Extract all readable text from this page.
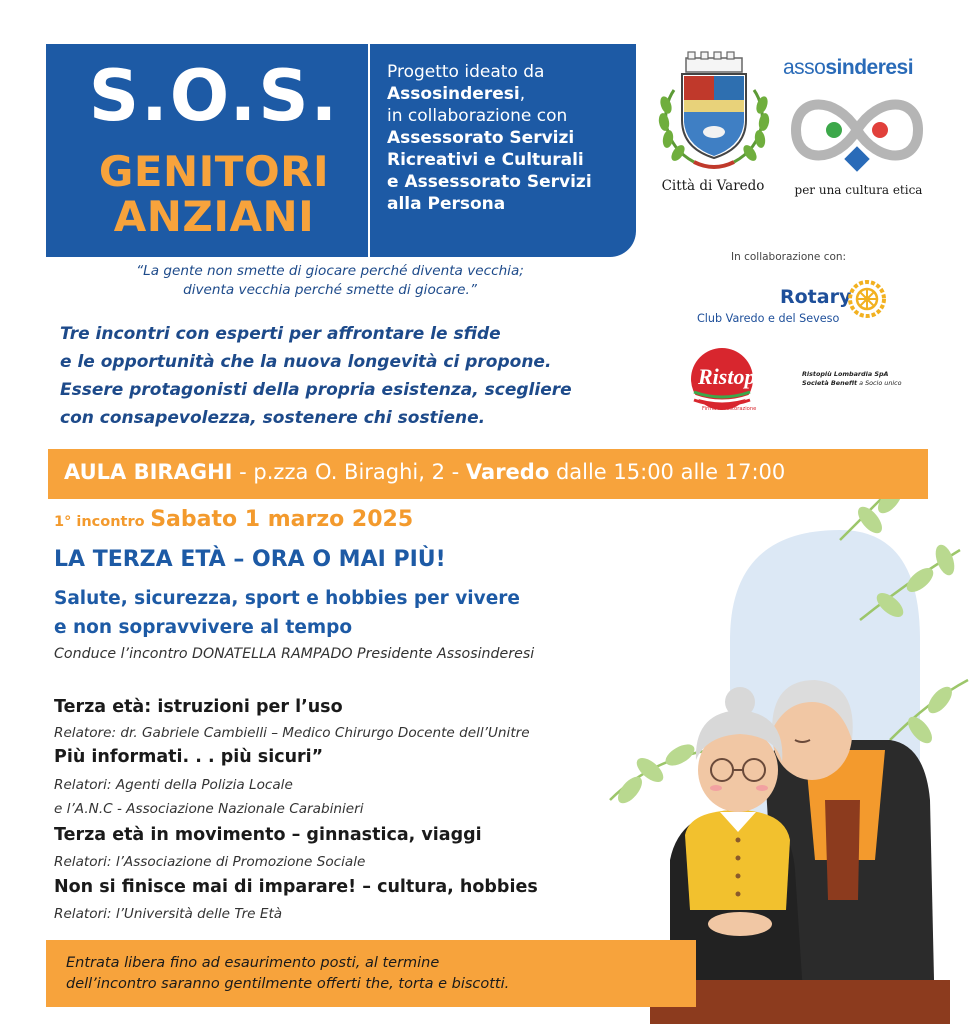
S.O.S.
GENITORI
ANZIANI
Progetto ideato da
Assosinderesi,
in collaborazione con
Assessorato Servizi
Ricreativi e Culturali
e Assessorato Servizi
alla Persona
“La gente non smette di giocare perché diventa vecchia;
diventa vecchia perché smette di giocare.”
Tre incontri con esperti per affrontare le sfide
e le opportunità che la nuova longevità ci propone.
Essere protagonisti della propria esistenza, scegliere
con consapevolezza, sostenere chi sostiene.
Città di Varedo
assosinderesi
per una cultura etica
In collaborazione con:
Rotary
Club Varedo e del Seveso
Ristopiù
Firma la Ristorazione
Ristopiù Lombardia SpA
Società Benefit a Socio unico
AULA BIRAGHI - p.zza O. Biraghi, 2 - Varedo dalle 15:00 alle 17:00
1° incontro Sabato 1 marzo 2025
LA TERZA ETÀ – ORA O MAI PIÙ!
Salute, sicurezza, sport e hobbies per vivere
e non sopravvivere al tempo
Conduce l’incontro DONATELLA RAMPADO Presidente Assosinderesi
Terza età: istruzioni per l’uso
Relatore: dr. Gabriele Cambielli – Medico Chirurgo Docente dell’Unitre
Più informati. . . più sicuri”
Relatori: Agenti della Polizia Locale
e l’A.N.C - Associazione Nazionale Carabinieri
Terza età in movimento – ginnastica, viaggi
Relatori: l’Associazione di Promozione Sociale
Non si finisce mai di imparare! – cultura, hobbies
Relatori: l’Università delle Tre Età
Entrata libera fino ad esaurimento posti, al termine
dell’incontro saranno gentilmente offerti the, torta e biscotti.
